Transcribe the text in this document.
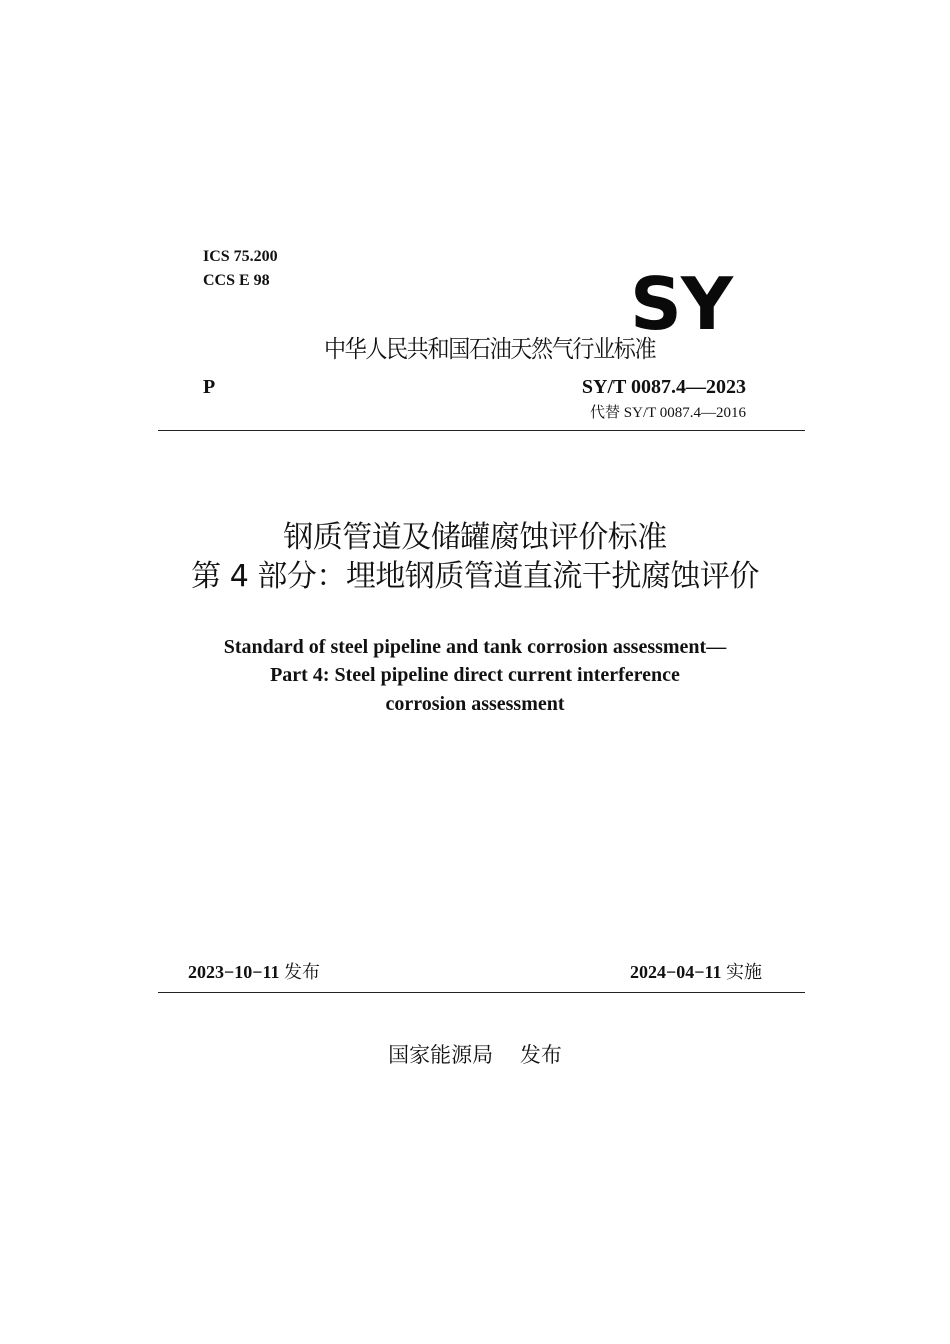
ICS 75.200
CCS E 98	SY
中华人民共和国石油天然气行业标准
P	SY/T 0087.4—2023
代替 SY/T 0087.4—2016
钢质管道及储罐腐蚀评价标准
第 4 部分：埋地钢质管道直流干扰腐蚀评价
Standard of steel pipeline and tank corrosion assessment—
Part 4: Steel pipeline direct current interference
corrosion assessment
2023−10−11 发布	2024−04−11 实施
国家能源局 发布
